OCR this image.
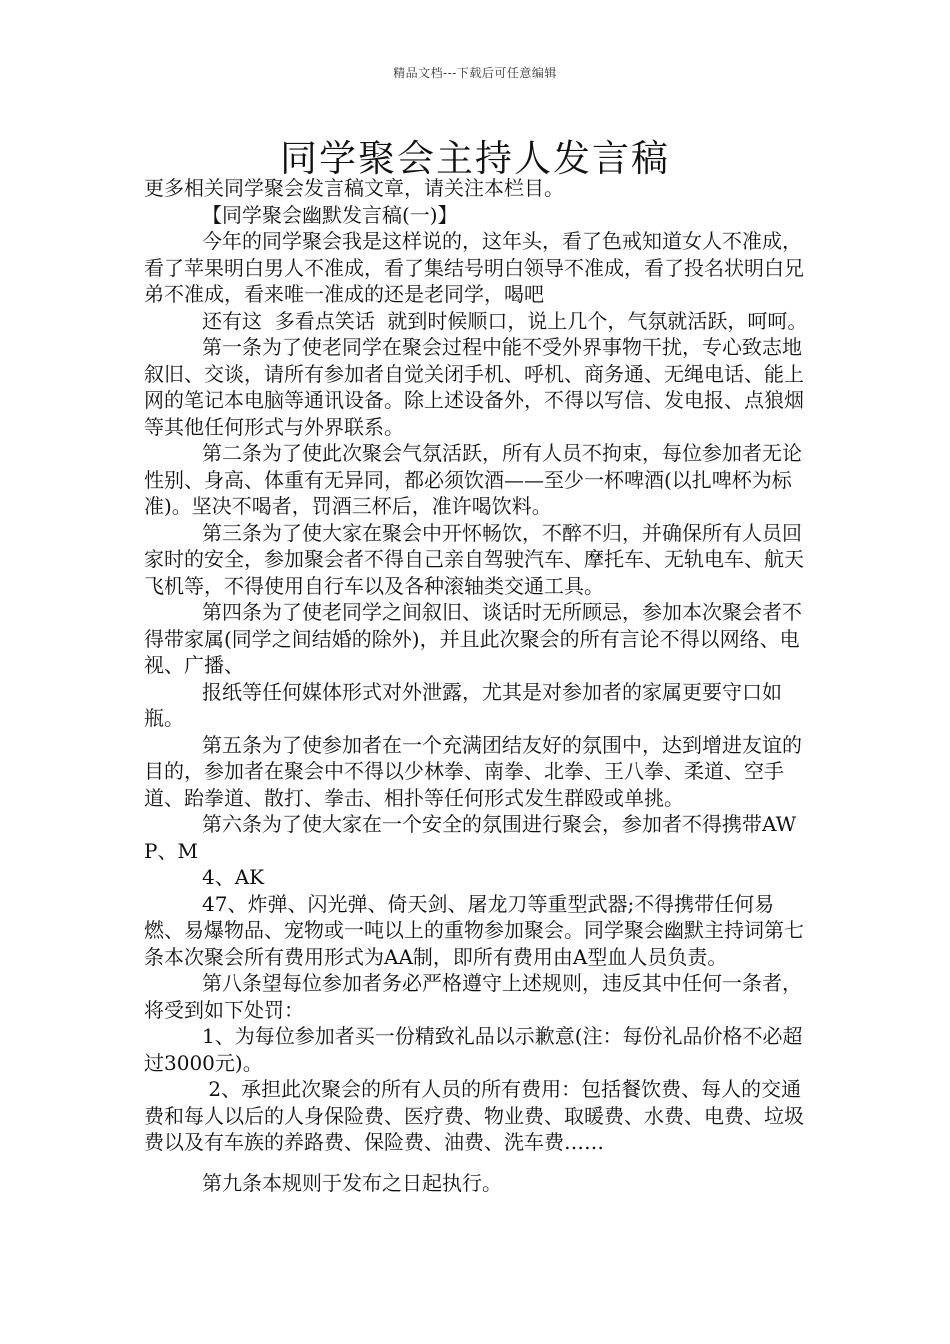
精品文档---下载后可任意编辑
同学聚会主持人发言稿

更多相关同学聚会发言稿文章，请关注本栏目。

【同学聚会幽默发言稿(一)】

今年的同学聚会我是这样说的，这年头，看了色戒知道女人不准成，看了苹果明白男人不准成，看了集结号明白领导不准成，看了投名状明白兄弟不准成，看来唯一准成的还是老同学，喝吧

还有这  多看点笑话  就到时候顺口，说上几个，气氛就活跃，呵呵。

第一条为了使老同学在聚会过程中能不受外界事物干扰，专心致志地叙旧、交谈，请所有参加者自觉关闭手机、呼机、商务通、无绳电话、能上网的笔记本电脑等通讯设备。除上述设备外，不得以写信、发电报、点狼烟等其他任何形式与外界联系。

第二条为了使此次聚会气氛活跃，所有人员不拘束，每位参加者无论性别、身高、体重有无异同，都必须饮酒——至少一杯啤酒(以扎啤杯为标准)。坚决不喝者，罚酒三杯后，准许喝饮料。

第三条为了使大家在聚会中开怀畅饮，不醉不归，并确保所有人员回家时的安全，参加聚会者不得自己亲自驾驶汽车、摩托车、无轨电车、航天飞机等，不得使用自行车以及各种滚轴类交通工具。

第四条为了使老同学之间叙旧、谈话时无所顾忌，参加本次聚会者不得带家属(同学之间结婚的除外)，并且此次聚会的所有言论不得以网络、电视、广播、

报纸等任何媒体形式对外泄露，尤其是对参加者的家属更要守口如瓶。

第五条为了使参加者在一个充满团结友好的氛围中，达到增进友谊的目的，参加者在聚会中不得以少林拳、南拳、北拳、王八拳、柔道、空手道、跆拳道、散打、拳击、相扑等任何形式发生群殴或单挑。

第六条为了使大家在一个安全的氛围进行聚会，参加者不得携带AWP、M

4、AK

47、炸弹、闪光弹、倚天剑、屠龙刀等重型武器;不得携带任何易燃、易爆物品、宠物或一吨以上的重物参加聚会。同学聚会幽默主持词第七条本次聚会所有费用形式为AA制，即所有费用由A型血人员负责。

第八条望每位参加者务必严格遵守上述规则，违反其中任何一条者，将受到如下处罚：

1、为每位参加者买一份精致礼品以示歉意(注：每份礼品价格不必超过3000元)。

2、承担此次聚会的所有人员的所有费用：包括餐饮费、每人的交通费和每人以后的人身保险费、医疗费、物业费、取暖费、水费、电费、垃圾费以及有车族的养路费、保险费、油费、洗车费……

第九条本规则于发布之日起执行。
